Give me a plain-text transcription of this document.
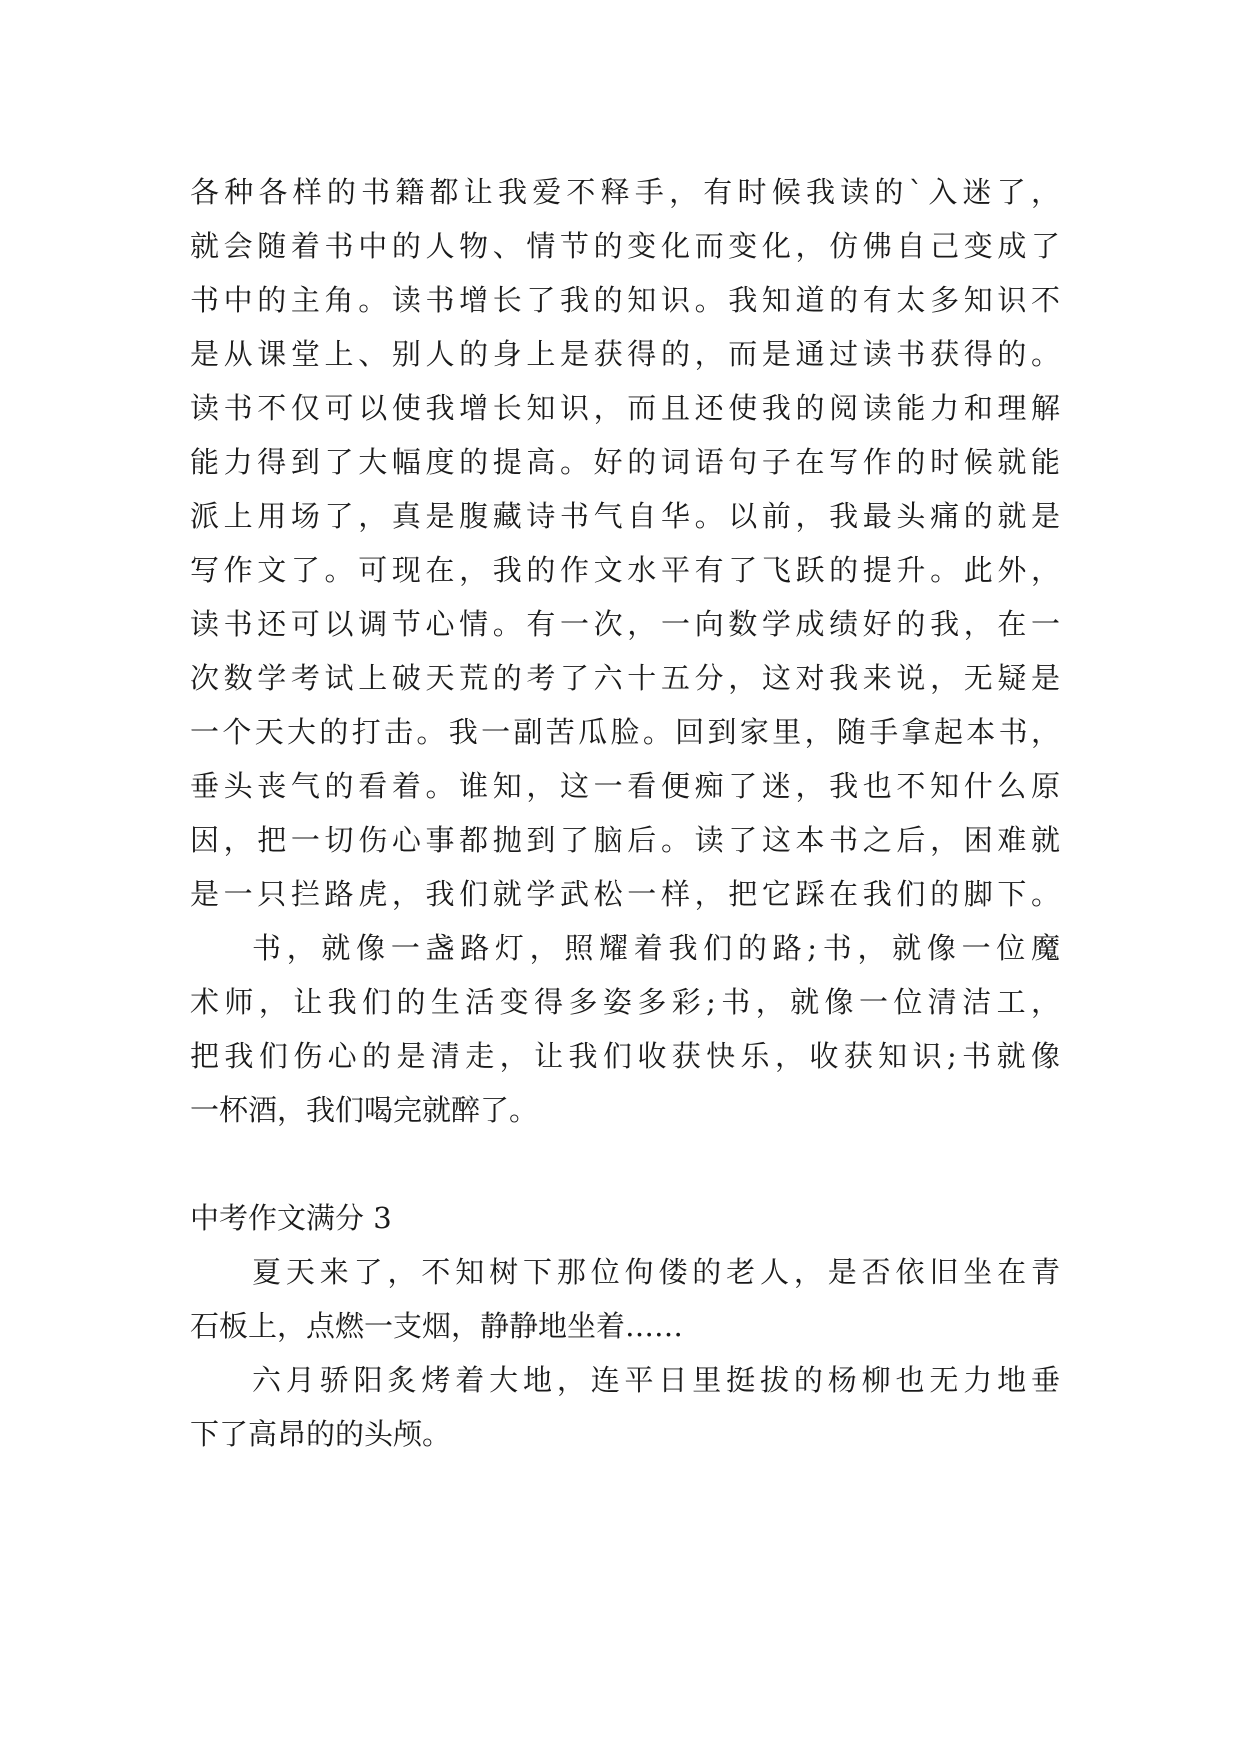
各种各样的书籍都让我爱不释手，有时候我读的`入迷了，
就会随着书中的人物、情节的变化而变化，仿佛自己变成了
书中的主角。读书增长了我的知识。我知道的有太多知识不
是从课堂上、别人的身上是获得的，而是通过读书获得的。
读书不仅可以使我增长知识，而且还使我的阅读能力和理解
能力得到了大幅度的提高。好的词语句子在写作的时候就能
派上用场了，真是腹藏诗书气自华。以前，我最头痛的就是
写作文了。可现在，我的作文水平有了飞跃的提升。此外，
读书还可以调节心情。有一次，一向数学成绩好的我，在一
次数学考试上破天荒的考了六十五分，这对我来说，无疑是
一个天大的打击。我一副苦瓜脸。回到家里，随手拿起本书，
垂头丧气的看着。谁知，这一看便痴了迷，我也不知什么原
因，把一切伤心事都抛到了脑后。读了这本书之后，困难就
是一只拦路虎，我们就学武松一样，把它踩在我们的脚下。
书，就像一盏路灯，照耀着我们的路;书，就像一位魔
术师，让我们的生活变得多姿多彩;书，就像一位清洁工，
把我们伤心的是清走，让我们收获快乐，收获知识;书就像
一杯酒，我们喝完就醉了。
中考作文满分 3
夏天来了，不知树下那位佝偻的老人，是否依旧坐在青
石板上，点燃一支烟，静静地坐着……
六月骄阳炙烤着大地，连平日里挺拔的杨柳也无力地垂
下了高昂的的头颅。
